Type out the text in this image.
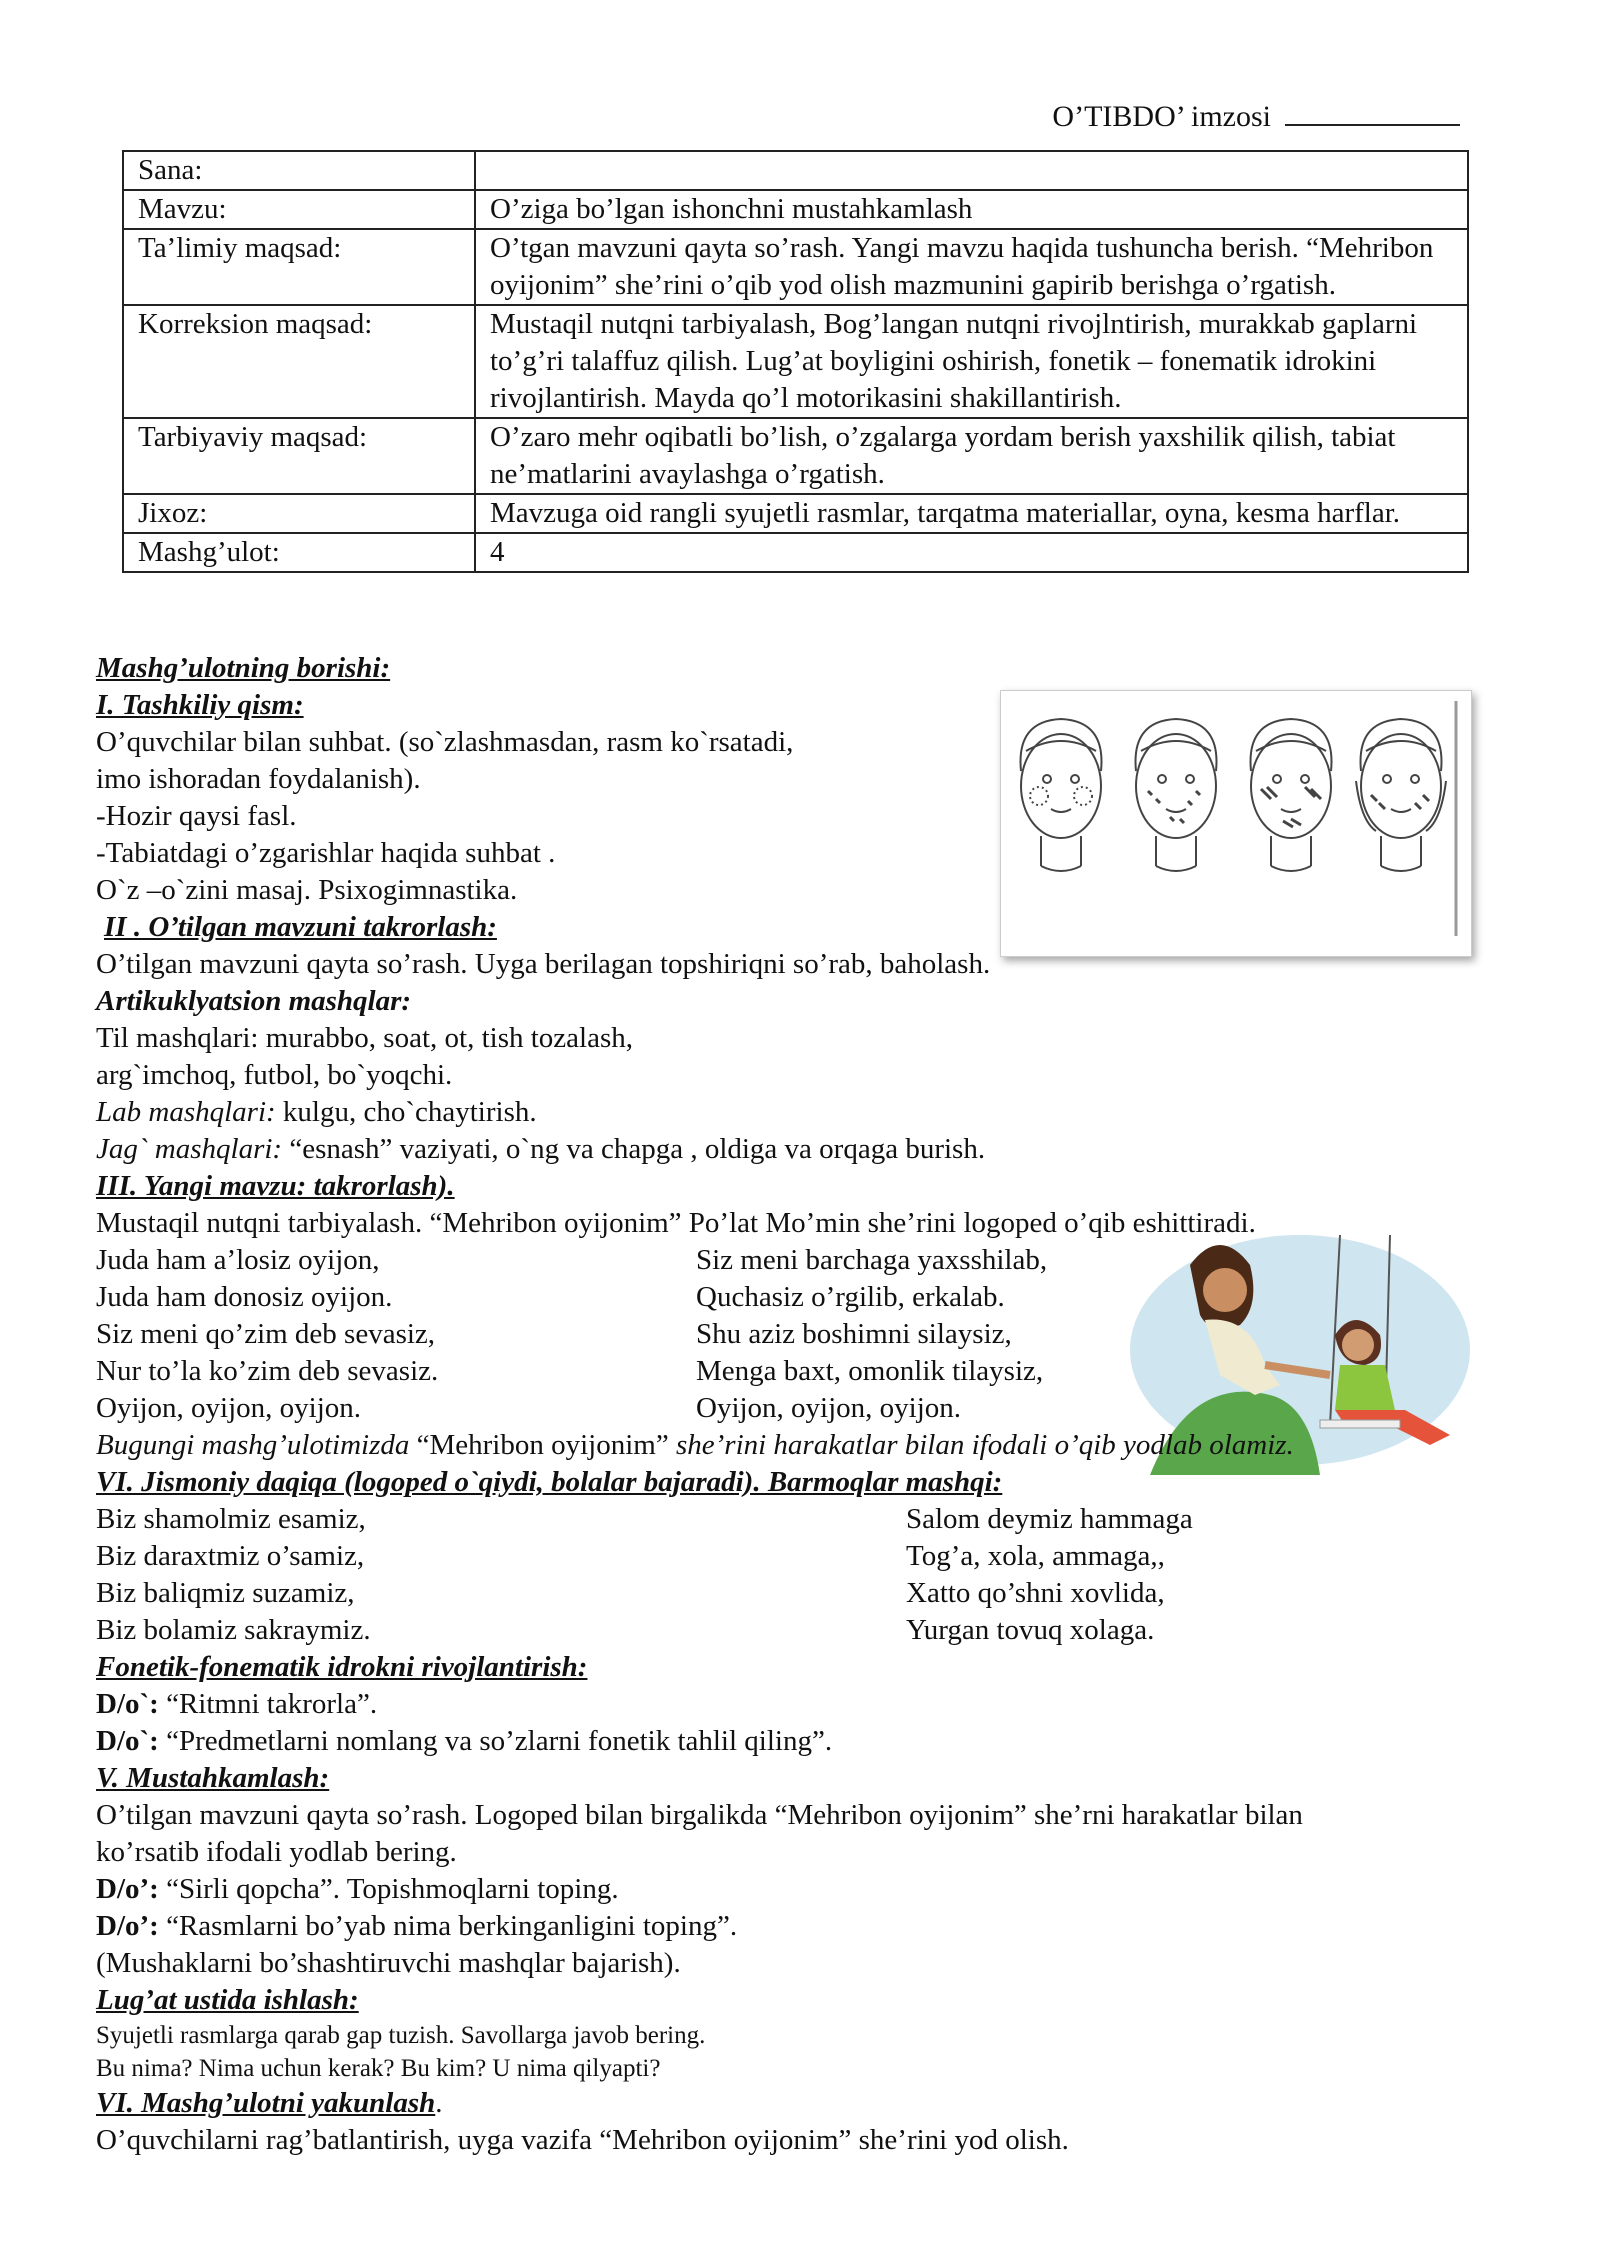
O’TIBDO’ imzosi
Sana:	
Mavzu:	O’ziga bo’lgan ishonchni mustahkamlash
Ta’limiy maqsad:	O’tgan mavzuni qayta so’rash. Yangi mavzu haqida tushuncha berish. “Mehribon oyijonim” she’rini o’qib yod olish mazmunini gapirib berishga o’rgatish.
Korreksion maqsad:	Mustaqil nutqni tarbiyalash, Bog’langan nutqni rivojlntirish, murakkab gaplarni to’g’ri talaffuz qilish. Lug’at boyligini oshirish, fonetik – fonematik idrokini rivojlantirish. Mayda qo’l motorikasini shakillantirish.
Tarbiyaviy maqsad:	O’zaro mehr oqibatli bo’lish, o’zgalarga yordam berish yaxshilik qilish, tabiat ne’matlarini avaylashga o’rgatish.
Jixoz:	Mavzuga oid rangli syujetli rasmlar, tarqatma materiallar, oyna, kesma harflar.
Mashg’ulot:	4

Mashg’ulotning borishi:

I. Tashkiliy qism:

O’quvchilar bilan suhbat. (so`zlashmasdan, rasm ko`rsatadi,

imo ishoradan foydalanish).

-Hozir qaysi fasl.

-Tabiatdagi o’zgarishlar haqida suhbat .

O`z –o`zini masaj. Psixogimnastika.

II . O’tilgan mavzuni takrorlash:

O’tilgan mavzuni qayta so’rash. Uyga berilagan topshiriqni so’rab, baholash.

Artikuklyatsion mashqlar:

Til mashqlari: murabbo, soat, ot, tish tozalash,

arg`imchoq, futbol, bo`yoqchi.

Lab mashqlari: kulgu, cho`chaytirish.

Jag` mashqlari: “esnash” vaziyati, o`ng va chapga , oldiga va orqaga burish.

III. Yangi mavzu: takrorlash).

Mustaqil nutqni tarbiyalash. “Mehribon oyijonim” Po’lat Mo’min she’rini logoped o’qib eshittiradi.

Juda ham a’losiz oyijon,

Juda ham donosiz oyijon.

Siz meni qo’zim deb sevasiz,

Nur to’la ko’zim deb sevasiz.

Oyijon, oyijon, oyijon.

Siz meni barchaga yaxsshilab,

Quchasiz o’rgilib, erkalab.

Shu aziz boshimni silaysiz,

Menga baxt, omonlik tilaysiz,

Oyijon, oyijon, oyijon.

Bugungi mashg’ulotimizda “Mehribon oyijonim” she’rini harakatlar bilan ifodali o’qib yodlab olamiz.

VI. Jismoniy daqiqa (logoped o`qiydi, bolalar bajaradi). Barmoqlar mashqi:

Biz shamolmiz esamiz,

Biz daraxtmiz o’samiz,

Biz baliqmiz suzamiz,

Biz bolamiz sakraymiz.

Salom deymiz hammaga

Tog’a, xola, ammaga,,

Xatto qo’shni xovlida,

Yurgan tovuq xolaga.

Fonetik-fonematik idrokni rivojlantirish:

D/o`: “Ritmni takrorla”.

D/o`: “Predmetlarni nomlang va so’zlarni fonetik tahlil qiling”.

V. Mustahkamlash:

O’tilgan mavzuni qayta so’rash. Logoped bilan birgalikda “Mehribon oyijonim” she’rni harakatlar bilan

ko’rsatib ifodali yodlab bering.

D/o’: “Sirli qopcha”. Topishmoqlarni toping.

D/o’: “Rasmlarni bo’yab nima berkinganligini toping”.

(Mushaklarni bo’shashtiruvchi mashqlar bajarish).

Lug’at ustida ishlash:

Syujetli rasmlarga qarab gap tuzish. Savollarga javob bering.

Bu nima? Nima uchun kerak? Bu kim? U nima qilyapti?

VI. Mashg’ulotni yakunlash.

O’quvchilarni rag’batlantirish, uyga vazifa “Mehribon oyijonim” she’rini yod olish.
